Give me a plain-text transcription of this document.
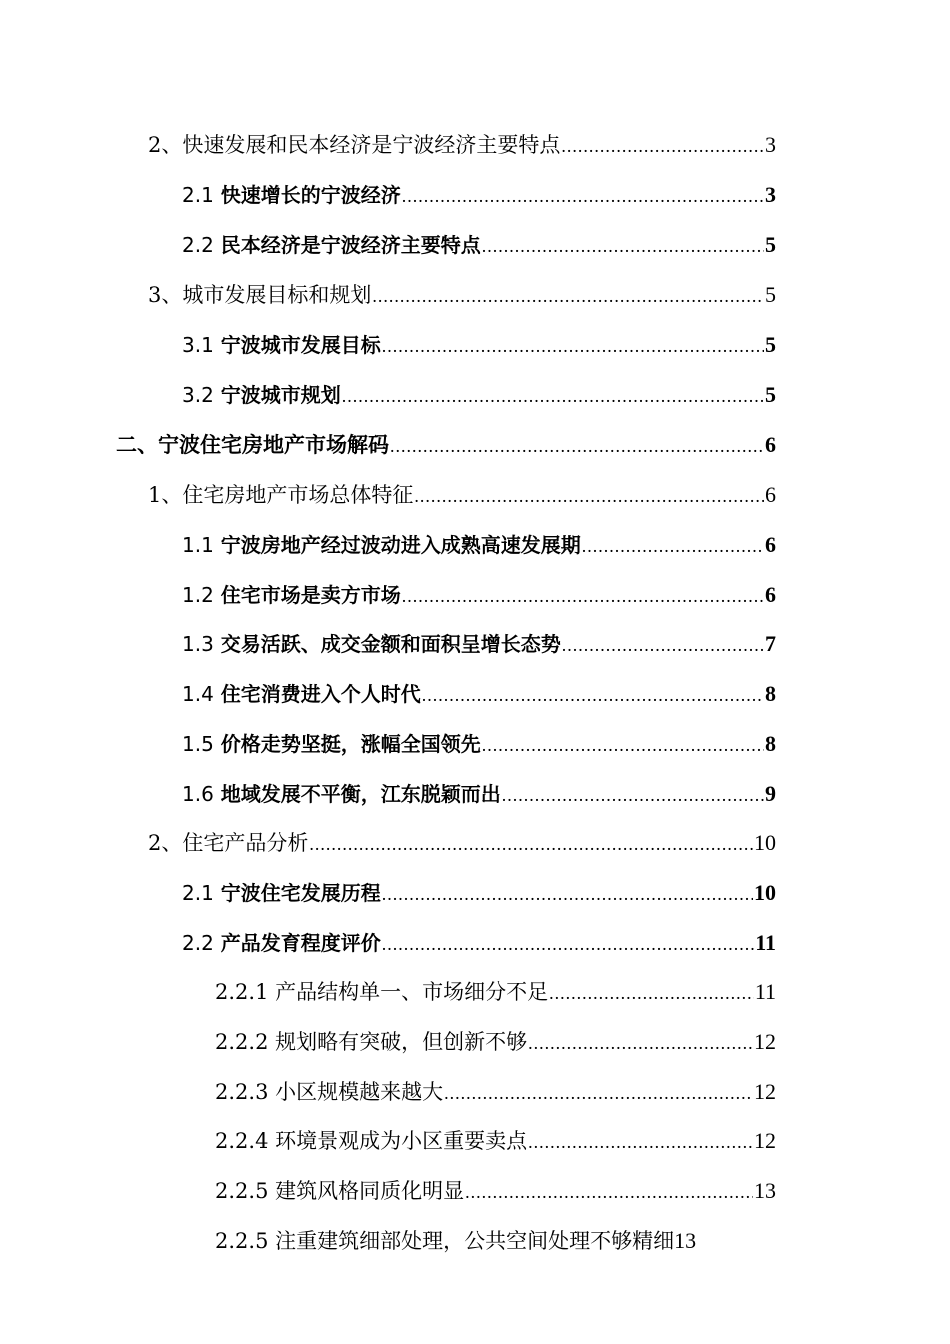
2、快速发展和民本经济是宁波经济主要特点 .....	3
2.1 快速增长的宁波经济 .....	3
2.2 民本经济是宁波经济主要特点 .....	5
3、城市发展目标和规划 .....	5
3.1 宁波城市发展目标 .....	5
3.2 宁波城市规划 .....	5
二、宁波住宅房地产市场解码 .....	6
1、住宅房地产市场总体特征 .....	6
1.1 宁波房地产经过波动进入成熟高速发展期 .....	6
1.2 住宅市场是卖方市场 .....	6
1.3 交易活跃、成交金额和面积呈增长态势 .....	7
1.4 住宅消费进入个人时代 .....	8
1.5 价格走势坚挺，涨幅全国领先 .....	8
1.6 地域发展不平衡，江东脱颖而出 .....	9
2、住宅产品分析 .....	10
2.1 宁波住宅发展历程 .....	10
2.2 产品发育程度评价 .....	11
2.2.1 产品结构单一、市场细分不足 .....	11
2.2.2 规划略有突破，但创新不够 .....	12
2.2.3 小区规模越来越大 .....	12
2.2.4 环境景观成为小区重要卖点 .....	12
2.2.5 建筑风格同质化明显 .....	13
2.2.5 注重建筑细部处理，公共空间处理不够精细 13
